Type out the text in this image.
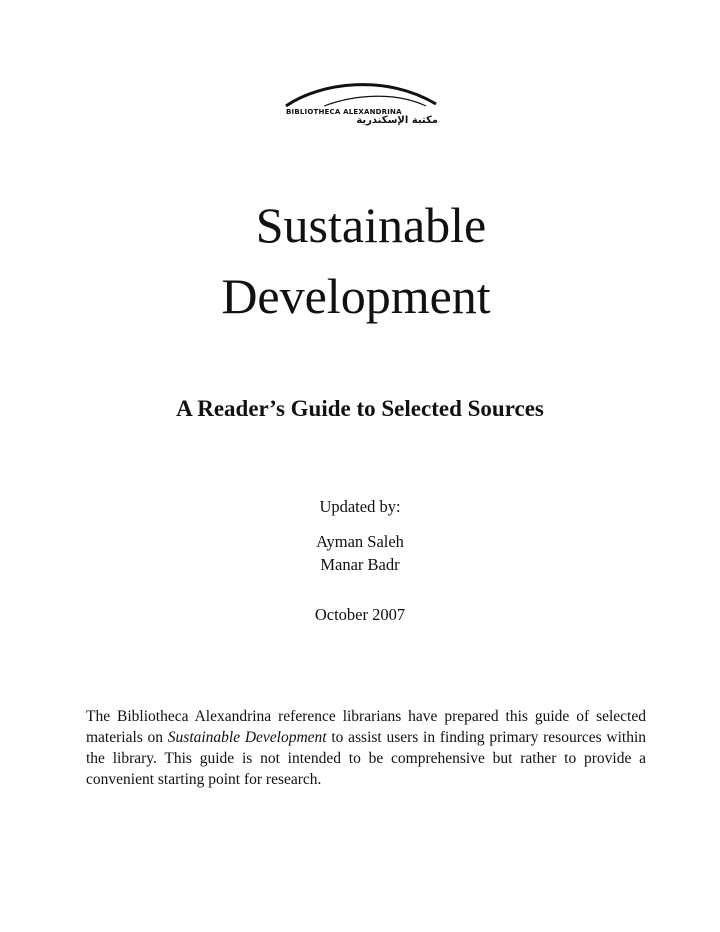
BIBLIOTHECA ALEXANDRINA
مكتبة الإسكندرية
Sustainable
Development
A Reader’s Guide to Selected Sources
Updated by:
Ayman Saleh
Manar Badr
October 2007

The Bibliotheca Alexandrina reference librarians have prepared this guide of selected materials on Sustainable Development to assist users in finding primary resources within the library. This guide is not intended to be comprehensive but rather to provide a convenient starting point for research.
